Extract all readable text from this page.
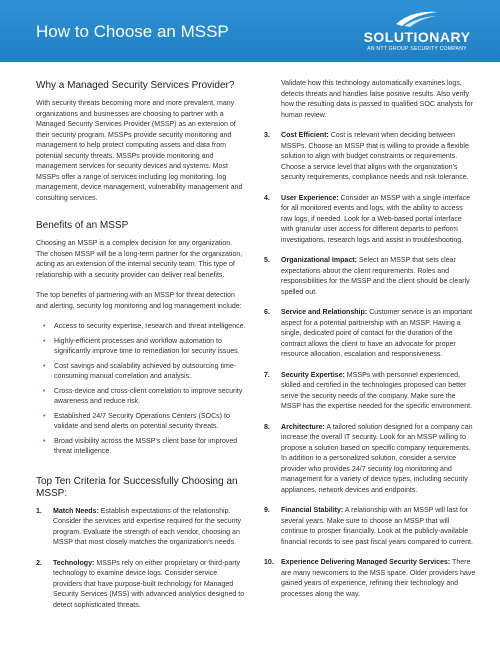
How to Choose an MSSP	SOLUTIONARY
AN NTT GROUP SECURITY COMPANY
Why a Managed Security Services Provider?

With security threats becoming more and more prevalent, many organizations and businesses are choosing to partner with a Managed Security Services Provider (MSSP) as an extension of their security program. MSSPs provide security monitoring and management to help protect computing assets and data from potential security threats. MSSPs provide monitoring and management services for security devices and systems. Most MSSPs offer a range of services including log monitoring, log management, device management, vulnerability management and consulting services.

Benefits of an MSSP

Choosing an MSSP is a complex decision for any organization. The chosen MSSP will be a long-term partner for the organization, acting as an extension of the internal security team. This type of relationship with a security provider can deliver real benefits.

The top benefits of partnering with an MSSP for threat detection and alerting, security log monitoring and log management include:

• Access to security expertise, research and threat intelligence.
• Highly-efficient processes and workflow automation to significantly improve time to remediation for security issues.
• Cost savings and scalability achieved by outsourcing time-consuming manual correlation and analysis.
• Cross-device and cross-client correlation to improve security awareness and reduce risk.
• Established 24/7 Security Operations Centers (SOCs) to validate and send alerts on potential security threats.
• Broad visibility across the MSSP’s client base for improved threat intelligence.
Top Ten Criteria for Successfully Choosing an MSSP:
1. Match Needs: Establish expectations of the relationship. Consider the services and expertise required for the security program. Evaluate the strength of each vendor, choosing an MSSP that most closely matches the organization’s needs.
2. Technology: MSSPs rely on either proprietary or third-party technology to examine device logs. Consider service providers that have purpose-built technology for Managed Security Services (MSS) with advanced analytics designed to detect sophisticated threats.
Validate how this technology automatically examines logs, detects threats and handles false positive results. Also verify how the resulting data is passed to qualified SOC analysts for human review.
3. Cost Efficient: Cost is relevant when deciding between MSSPs. Choose an MSSP that is willing to provide a flexible solution to align with budget constraints or requirements. Choose a service level that aligns with the organization’s security requirements, compliance needs and risk tolerance.
4. User Experience: Consider an MSSP with a single interface for all monitored events and logs, with the ability to access raw logs, if needed. Look for a Web-based portal interface with granular user access for different departs to perform investigations, research logs and assist in troubleshooting.
5. Organizational Impact: Select an MSSP that sets clear expectations about the client requirements. Roles and responsibilities for the MSSP and the client should be clearly spelled out.
6. Service and Relationship: Customer service is an important aspect for a potential partnership with an MSSP. Having a single, dedicated point of contact for the duration of the contract allows the client to have an advocate for proper resource allocation, escalation and responsiveness.
7. Security Expertise: MSSPs with personnel experienced, skilled and certified in the technologies proposed can better serve the security needs of the company. Make sure the MSSP has the expertise needed for the specific environment.
8. Architecture: A tailored solution designed for a company can increase the overall IT security. Look for an MSSP willing to propose a solution based on specific company requirements. In addition to a personalized solution, consider a service provider who provides 24/7 security log monitoring and management for a variety of device types, including security appliances, network devices and endpoints.
9. Financial Stability: A relationship with an MSSP will last for several years. Make sure to choose an MSSP that will continue to prosper financially. Look at the publicly-available financial records to see past fiscal years compared to current.
10. Experience Delivering Managed Security Services: There are many newcomers to the MSS space. Older providers have gained years of experience, refining their technology and processes along the way.
